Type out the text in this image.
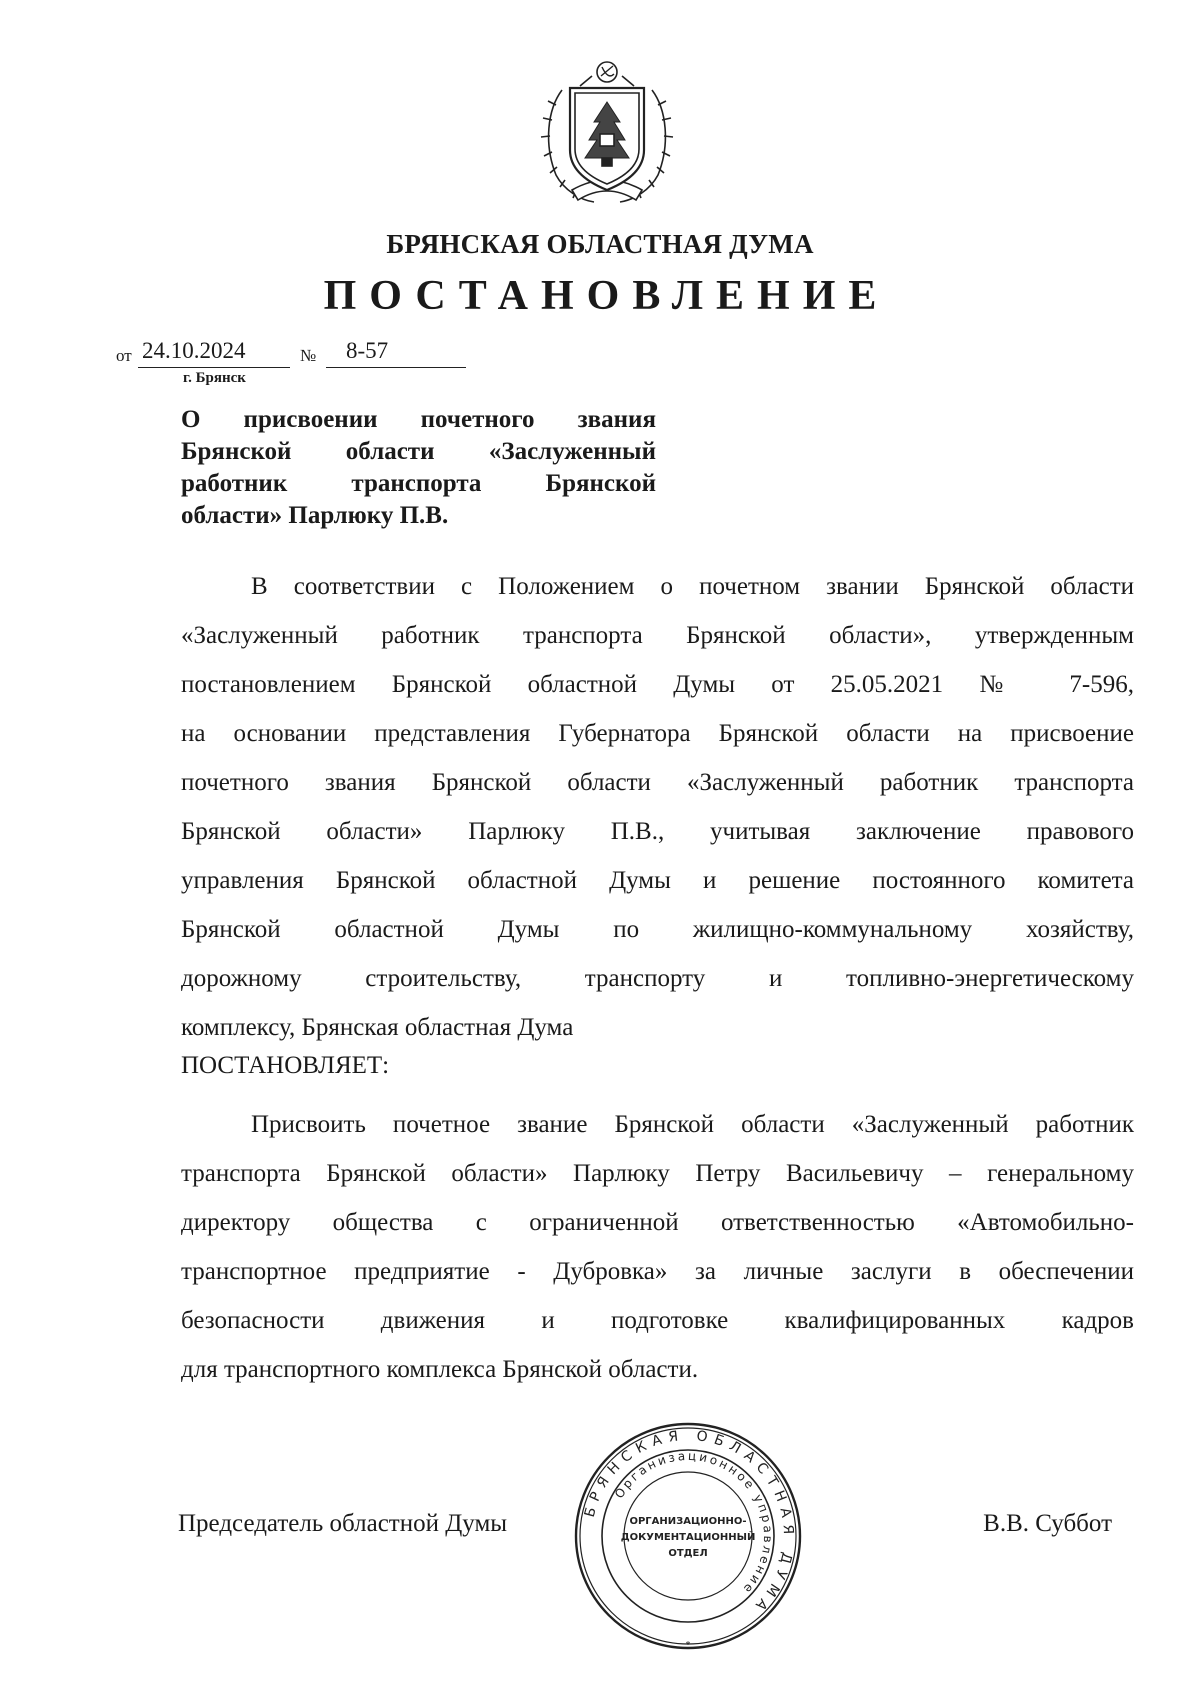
БРЯНСКАЯ ОБЛАСТНАЯ ДУМА
ПОСТАНОВЛЕНИЕ
от 24.10.2024	№ 8-57
г. Брянск
О присвоении почетного звания
Брянской области «Заслуженный
работник транспорта Брянской
области» Парлюку П.В.
В соответствии с Положением о почетном звании Брянской области
«Заслуженный работник транспорта Брянской области», утвержденным
постановлением Брянской областной Думы от 25.05.2021 № 7-596,
на основании представления Губернатора Брянской области на присвоение
почетного звания Брянской области «Заслуженный работник транспорта
Брянской области» Парлюку П.В., учитывая заключение правового
управления Брянской областной Думы и решение постоянного комитета
Брянской областной Думы по жилищно-коммунальному хозяйству,
дорожному строительству, транспорту и топливно-энергетическому
комплексу, Брянская областная Дума
ПОСТАНОВЛЯЕТ:
Присвоить почетное звание Брянской области «Заслуженный работник
транспорта Брянской области» Парлюку Петру Васильевичу – генеральному
директору общества с ограниченной ответственностью «Автомобильно-
транспортное предприятие - Дубровка» за личные заслуги в обеспечении
безопасности движения и подготовке квалифицированных кадров
для транспортного комплекса Брянской области.
Председатель областной Думы	В.В. Суббот
БРЯНСКАЯ ОБЛАСТНАЯ ДУМА
Организационное управление
ОРГАНИЗАЦИОННО-
ДОКУМЕНТАЦИОННЫЙ
ОТДЕЛ
*
